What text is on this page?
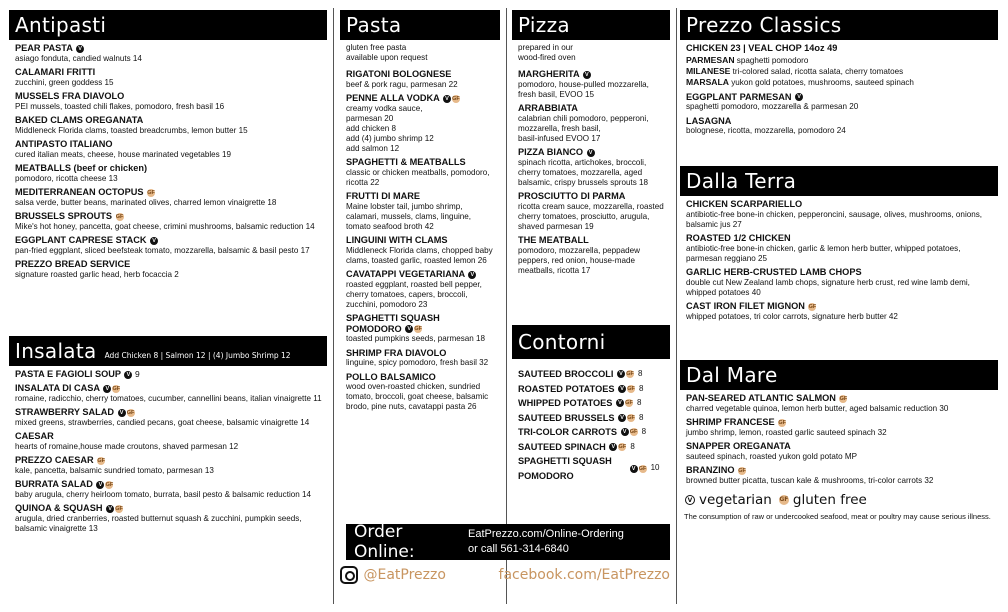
Antipasti
PEAR PASTA V
asiago fonduta, candied walnuts 14
CALAMARI FRITTI
zucchini, green goddess 15
MUSSELS FRA DIAVOLO
PEI mussels, toasted chili flakes, pomodoro, fresh basil 16
BAKED CLAMS OREGANATA
Middleneck Florida clams, toasted breadcrumbs, lemon butter 15
ANTIPASTO ITALIANO
cured italian meats, cheese, house marinated vegetables 19
MEATBALLS (beef or chicken)
pomodoro, ricotta cheese 13
MEDITERRANEAN OCTOPUS GF
salsa verde, butter beans, marinated olives, charred lemon vinaigrette 18
BRUSSELS SPROUTS GF
Mike's hot honey, pancetta, goat cheese, crimini mushrooms, balsamic reduction 14
EGGPLANT CAPRESE STACK V
pan-fried eggplant, sliced beefsteak tomato, mozzarella, balsamic & basil pesto 17
PREZZO BREAD SERVICE
signature roasted garlic head, herb focaccia 2
Insalata Add Chicken 8 | Salmon 12 | (4) Jumbo Shrimp 12
PASTA E FAGIOLI SOUP V 9
INSALATA DI CASA V GF
romaine, radicchio, cherry tomatoes, cucumber, cannellini beans, italian vinaigrette 11
STRAWBERRY SALAD V GF
mixed greens, strawberries, candied pecans, goat cheese, balsamic vinaigrette 14
CAESAR
hearts of romaine,house made croutons, shaved parmesan 12
PREZZO CAESAR GF
kale, pancetta, balsamic sundried tomato, parmesan 13
BURRATA SALAD V GF
baby arugula, cherry heirloom tomato, burrata, basil pesto & balsamic reduction 14
QUINOA & SQUASH V GF
arugula, dried cranberries, roasted butternut squash & zucchini, pumpkin seeds, balsamic vinaigrette 13
Pasta
gluten free pasta
available upon request
RIGATONI BOLOGNESE
beef & pork ragu, parmesan 22
PENNE ALLA VODKA V GF
creamy vodka sauce,
parmesan 20
add chicken 8
add (4) jumbo shrimp 12
add salmon 12
SPAGHETTI & MEATBALLS
classic or chicken meatballs, pomodoro, ricotta 22
FRUTTI DI MARE
Maine lobster tail, jumbo shrimp, calamari, mussels, clams, linguine, tomato seafood broth 42
LINGUINI WITH CLAMS
Middleneck Florida clams, chopped baby clams, toasted garlic, roasted lemon 26
CAVATAPPI VEGETARIANA V
roasted eggplant, roasted bell pepper, cherry tomatoes, capers, broccoli, zucchini, pomodoro 23
SPAGHETTI SQUASH POMODORO V GF
toasted pumpkins seeds, parmesan 18
SHRIMP FRA DIAVOLO
linguine, spicy pomodoro, fresh basil 32
POLLO BALSAMICO
wood oven-roasted chicken, sundried tomato, broccoli, goat cheese, balsamic brodo, pine nuts, cavatappi pasta 26
Pizza
prepared in our
wood-fired oven
MARGHERITA V
pomodoro, house-pulled mozzarella, fresh basil, EVOO 15
ARRABBIATA
calabrian chili pomodoro, pepperoni, mozzarella, fresh basil,
basil-infused EVOO 17
PIZZA BIANCO V
spinach ricotta, artichokes, broccoli, cherry tomatoes, mozzarella, aged balsamic, crispy brussels sprouts 18
PROSCIUTTO DI PARMA
ricotta cream sauce, mozzarella, roasted cherry tomatoes, prosciutto, arugula, shaved parmesan 19
THE MEATBALL
pomodoro, mozzarella, peppadew peppers, red onion, house-made meatballs, ricotta 17
Contorni
SAUTEED BROCCOLI
	V GF 8
ROASTED POTATOES
	V GF 8
WHIPPED POTATOES
	V GF 8
SAUTEED BRUSSELS
	V GF 8
TRI-COLOR CARROTS
	V GF 8
SAUTEED SPINACH
	V GF 8
SPAGHETTI SQUASH POMODORO

V GF 10
Order Online:
EatPrezzo.com/Online-Ordering
or call 561-314-6840
@EatPrezzo	facebook.com/EatPrezzo
Prezzo Classics
CHICKEN 23 | VEAL CHOP 14oz 49
PARMESAN spaghetti pomodoro
MILANESE tri-colored salad, ricotta salata, cherry tomatoes
MARSALA yukon gold potatoes, mushrooms, sauteed spinach
EGGPLANT PARMESAN V
spaghetti pomodoro, mozzarella & parmesan 20
LASAGNA
bolognese, ricotta, mozzarella, pomodoro 24
Dalla Terra
CHICKEN SCARPARIELLO
antibiotic-free bone-in chicken, pepperoncini, sausage, olives, mushrooms, onions, balsamic jus 27
ROASTED 1/2 CHICKEN
antibiotic-free bone-in chicken, garlic & lemon herb butter, whipped potatoes, parmesan reggiano 25
GARLIC HERB-CRUSTED LAMB CHOPS
double cut New Zealand lamb chops, signature herb crust, red wine lamb demi, whipped potatoes 40
CAST IRON FILET MIGNON GF
whipped potatoes, tri color carrots, signature herb butter 42
Dal Mare
PAN-SEARED ATLANTIC SALMON GF
charred vegetable quinoa, lemon herb butter, aged balsamic reduction 30
SHRIMP FRANCESE GF
jumbo shrimp, lemon, roasted garlic sauteed spinach 32
SNAPPER OREGANATA
sauteed spinach, roasted yukon gold potato MP
BRANZINO GF
browned butter picatta, tuscan kale & mushrooms, tri-color carrots 32
V vegetarian GF gluten free
The consumption of raw or undercooked seafood, meat or poultry may cause serious illness.
